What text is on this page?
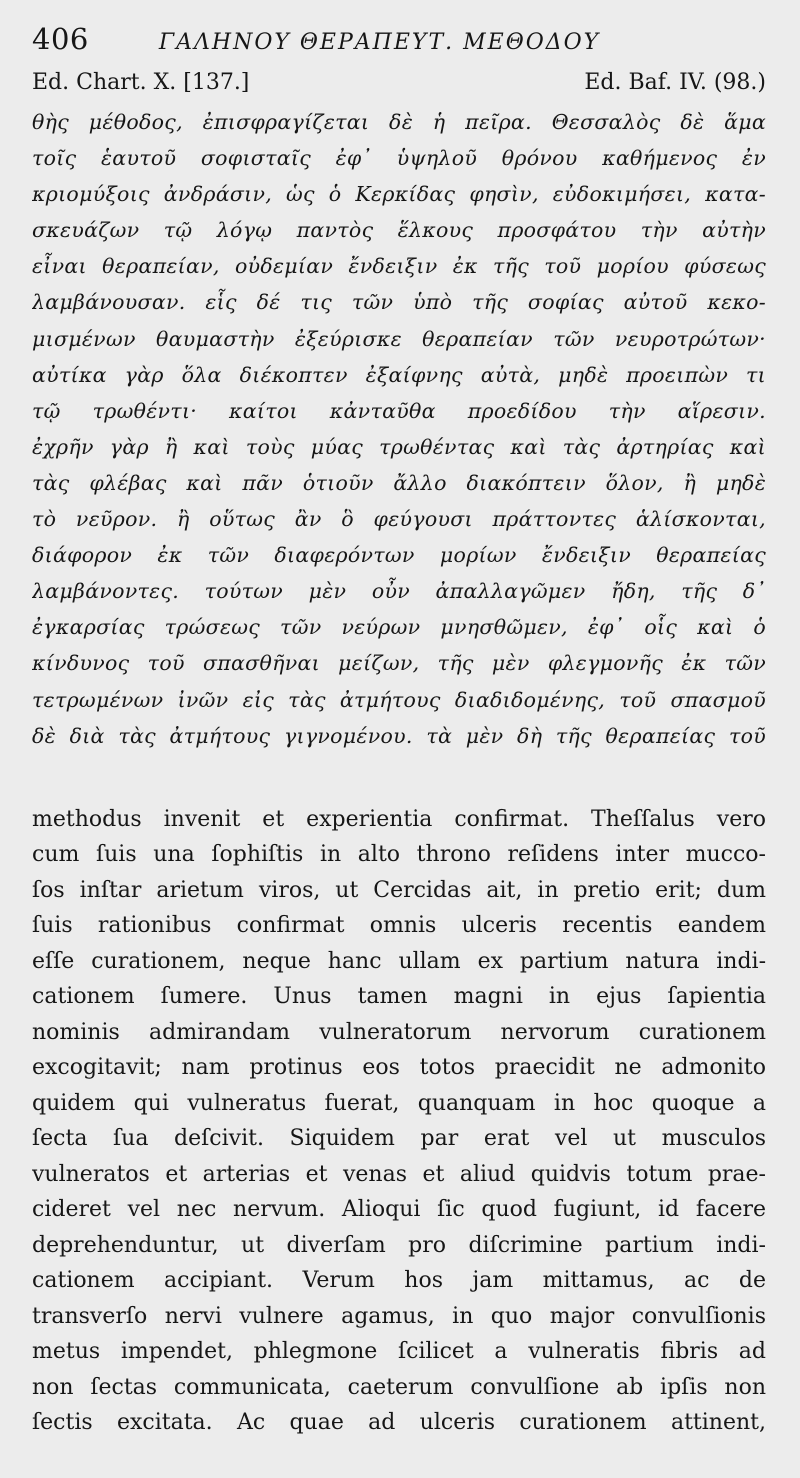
406	ΓΑΛΗΝΟΥ ΘΕΡΑΠΕΥΤ. ΜΕΘΟΔΟΥ
Ed. Chart. X. [137.]	Ed. Baf. IV. (98.)
θὴς μέθοδος, ἐπισφραγίζεται δὲ ἡ πεῖρα. Θεσσαλὸς δὲ ἅμα
τοῖς ἑαυτοῦ σοφισταῖς ἐφ᾽ ὑψηλοῦ θρόνου καθήμενος ἐν
κριομύξοις ἀνδράσιν, ὡς ὁ Κερκίδας φησὶν, εὐδοκιμήσει, κατα-
σκευάζων τῷ λόγῳ παντὸς ἕλκους προσφάτου τὴν αὐτὴν
εἶναι θεραπείαν, οὐδεμίαν ἔνδειξιν ἐκ τῆς τοῦ μορίου φύσεως
λαμβάνουσαν. εἷς δέ τις τῶν ὑπὸ τῆς σοφίας αὐτοῦ κεκο-
μισμένων θαυμαστὴν ἐξεύρισκε θεραπείαν τῶν νευροτρώτων·
αὐτίκα γὰρ ὅλα διέκοπτεν ἐξαίφνης αὐτὰ, μηδὲ προειπὼν τι
τῷ τρωθέντι· καίτοι κἀνταῦθα προεδίδου τὴν αἵρεσιν.
ἐχρῆν γὰρ ἢ καὶ τοὺς μύας τρωθέντας καὶ τὰς ἀρτηρίας καὶ
τὰς φλέβας καὶ πᾶν ὁτιοῦν ἄλλο διακόπτειν ὅλον, ἢ μηδὲ
τὸ νεῦρον. ἢ οὕτως ἂν ὃ φεύγουσι πράττοντες ἁλίσκονται,
διάφορον ἐκ τῶν διαφερόντων μορίων ἔνδειξιν θεραπείας
λαμβάνοντες. τούτων μὲν οὖν ἀπαλλαγῶμεν ἤδη, τῆς δ᾽
ἐγκαρσίας τρώσεως τῶν νεύρων μνησθῶμεν, ἐφ᾽ οἷς καὶ ὁ
κίνδυνος τοῦ σπασθῆναι μείζων, τῆς μὲν φλεγμονῆς ἐκ τῶν
τετρωμένων ἰνῶν εἰς τὰς ἀτμήτους διαδιδομένης, τοῦ σπασμοῦ
δὲ διὰ τὰς ἀτμήτους γιγνομένου. τὰ μὲν δὴ τῆς θεραπείας τοῦ
methodus invenit et experientia confirmat. Theſſalus vero
cum ſuis una ſophiſtis in alto throno reſidens inter mucco-
ſos inſtar arietum viros, ut Cercidas ait, in pretio erit; dum
ſuis rationibus confirmat omnis ulceris recentis eandem
eſſe curationem, neque hanc ullam ex partium natura indi-
cationem ſumere. Unus tamen magni in ejus ſapientia
nominis admirandam vulneratorum nervorum curationem
excogitavit; nam protinus eos totos praecidit ne admonito
quidem qui vulneratus fuerat, quanquam in hoc quoque a
ſecta ſua deſcivit. Siquidem par erat vel ut musculos
vulneratos et arterias et venas et aliud quidvis totum prae-
cideret vel nec nervum. Alioqui ſic quod fugiunt, id facere
deprehenduntur, ut diverſam pro diſcrimine partium indi-
cationem accipiant. Verum hos jam mittamus, ac de
transverſo nervi vulnere agamus, in quo major convulſionis
metus impendet, phlegmone ſcilicet a vulneratis fibris ad
non ſectas communicata, caeterum convulſione ab ipſis non
ſectis excitata. Ac quae ad ulceris curationem attinent,
